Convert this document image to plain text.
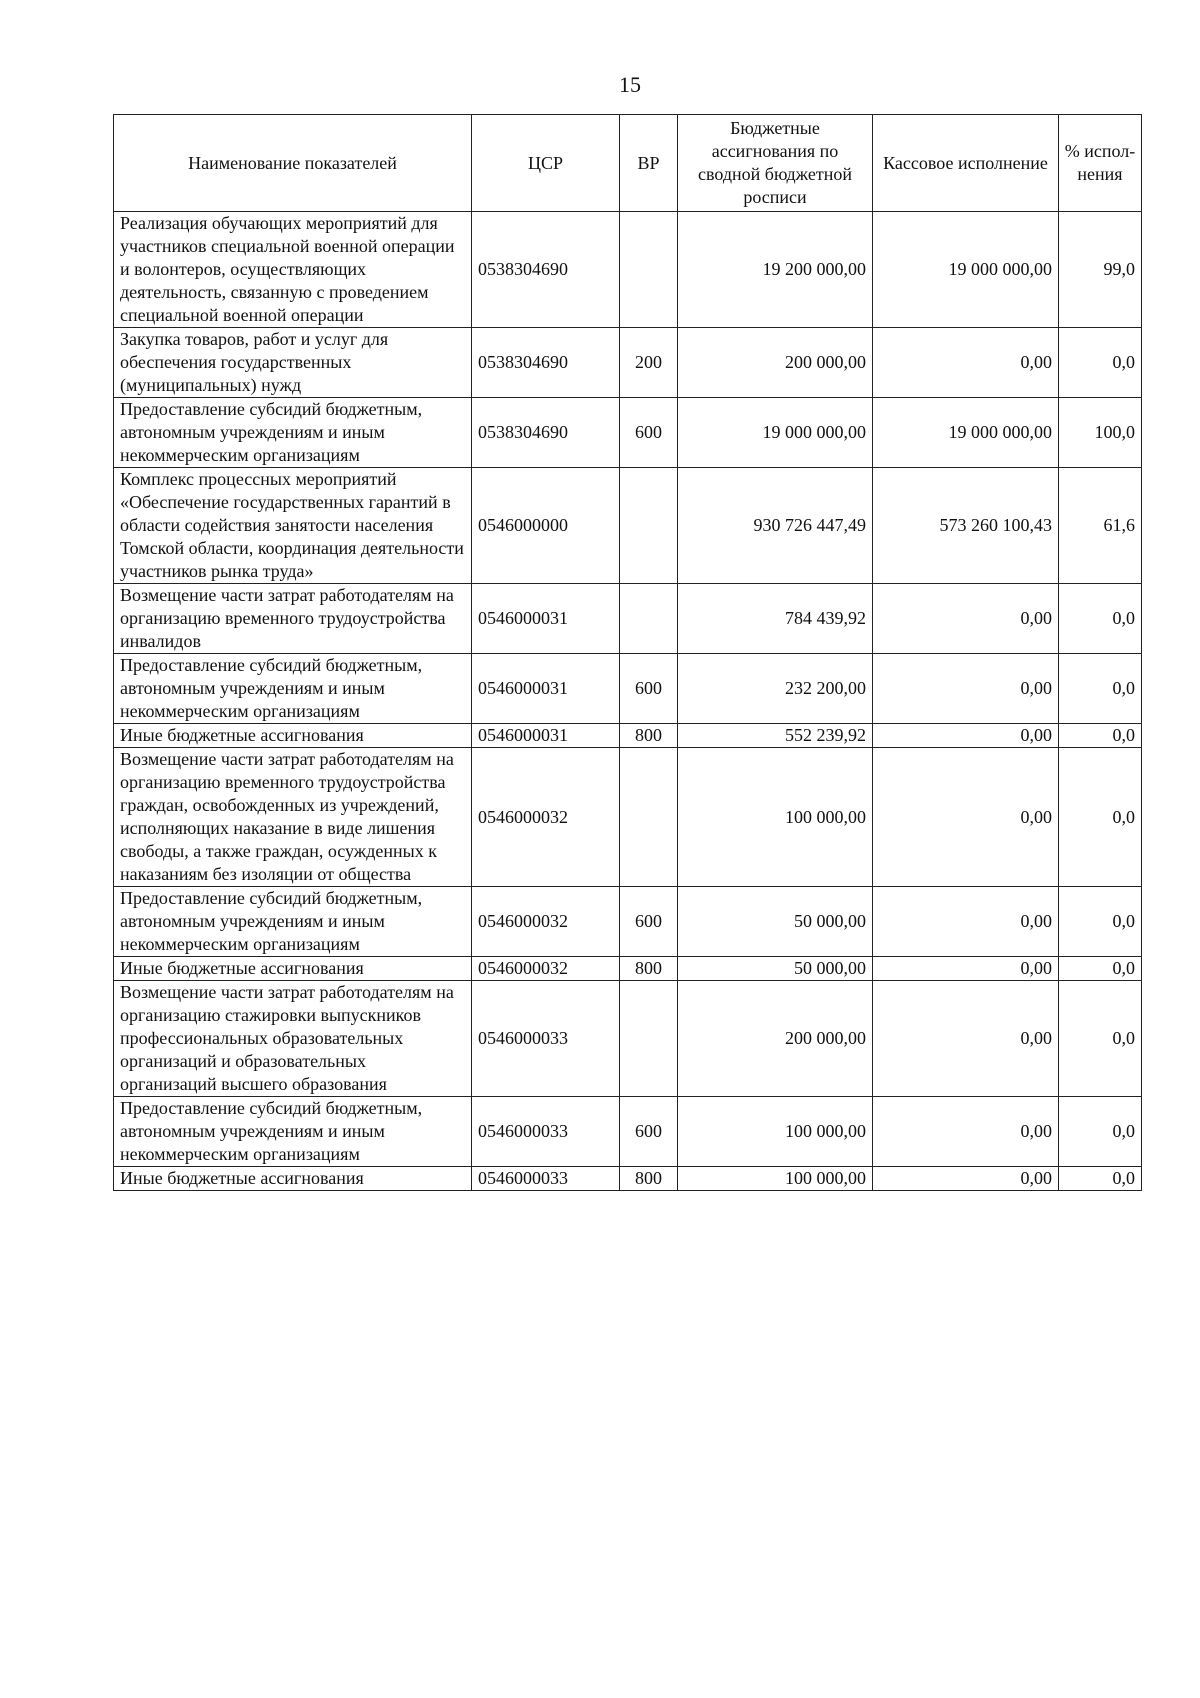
15
Наименование показателей	ЦСР	ВР	Бюджетные ассигнования по сводной бюджетной росписи	Кассовое исполнение	% испол-нения
Реализация обучающих мероприятий для участников специальной военной операции и волонтеров, осуществляющих деятельность, связанную с проведением специальной военной операции	0538304690		19 200 000,00	19 000 000,00	99,0
Закупка товаров, работ и услуг для обеспечения государственных (муниципальных) нужд	0538304690	200	200 000,00	0,00	0,0
Предоставление субсидий бюджетным, автономным учреждениям и иным некоммерческим организациям	0538304690	600	19 000 000,00	19 000 000,00	100,0
Комплекс процессных мероприятий «Обеспечение государственных гарантий в области содействия занятости населения Томской области, координация деятельности участников рынка труда»	0546000000		930 726 447,49	573 260 100,43	61,6
Возмещение части затрат работодателям на организацию временного трудоустройства инвалидов	0546000031		784 439,92	0,00	0,0
Предоставление субсидий бюджетным, автономным учреждениям и иным некоммерческим организациям	0546000031	600	232 200,00	0,00	0,0
Иные бюджетные ассигнования	0546000031	800	552 239,92	0,00	0,0
Возмещение части затрат работодателям на организацию временного трудоустройства граждан, освобожденных из учреждений, исполняющих наказание в виде лишения свободы, а также граждан, осужденных к наказаниям без изоляции от общества	0546000032		100 000,00	0,00	0,0
Предоставление субсидий бюджетным, автономным учреждениям и иным некоммерческим организациям	0546000032	600	50 000,00	0,00	0,0
Иные бюджетные ассигнования	0546000032	800	50 000,00	0,00	0,0
Возмещение части затрат работодателям на организацию стажировки выпускников профессиональных образовательных организаций и образовательных организаций высшего образования	0546000033		200 000,00	0,00	0,0
Предоставление субсидий бюджетным, автономным учреждениям и иным некоммерческим организациям	0546000033	600	100 000,00	0,00	0,0
Иные бюджетные ассигнования	0546000033	800	100 000,00	0,00	0,0
